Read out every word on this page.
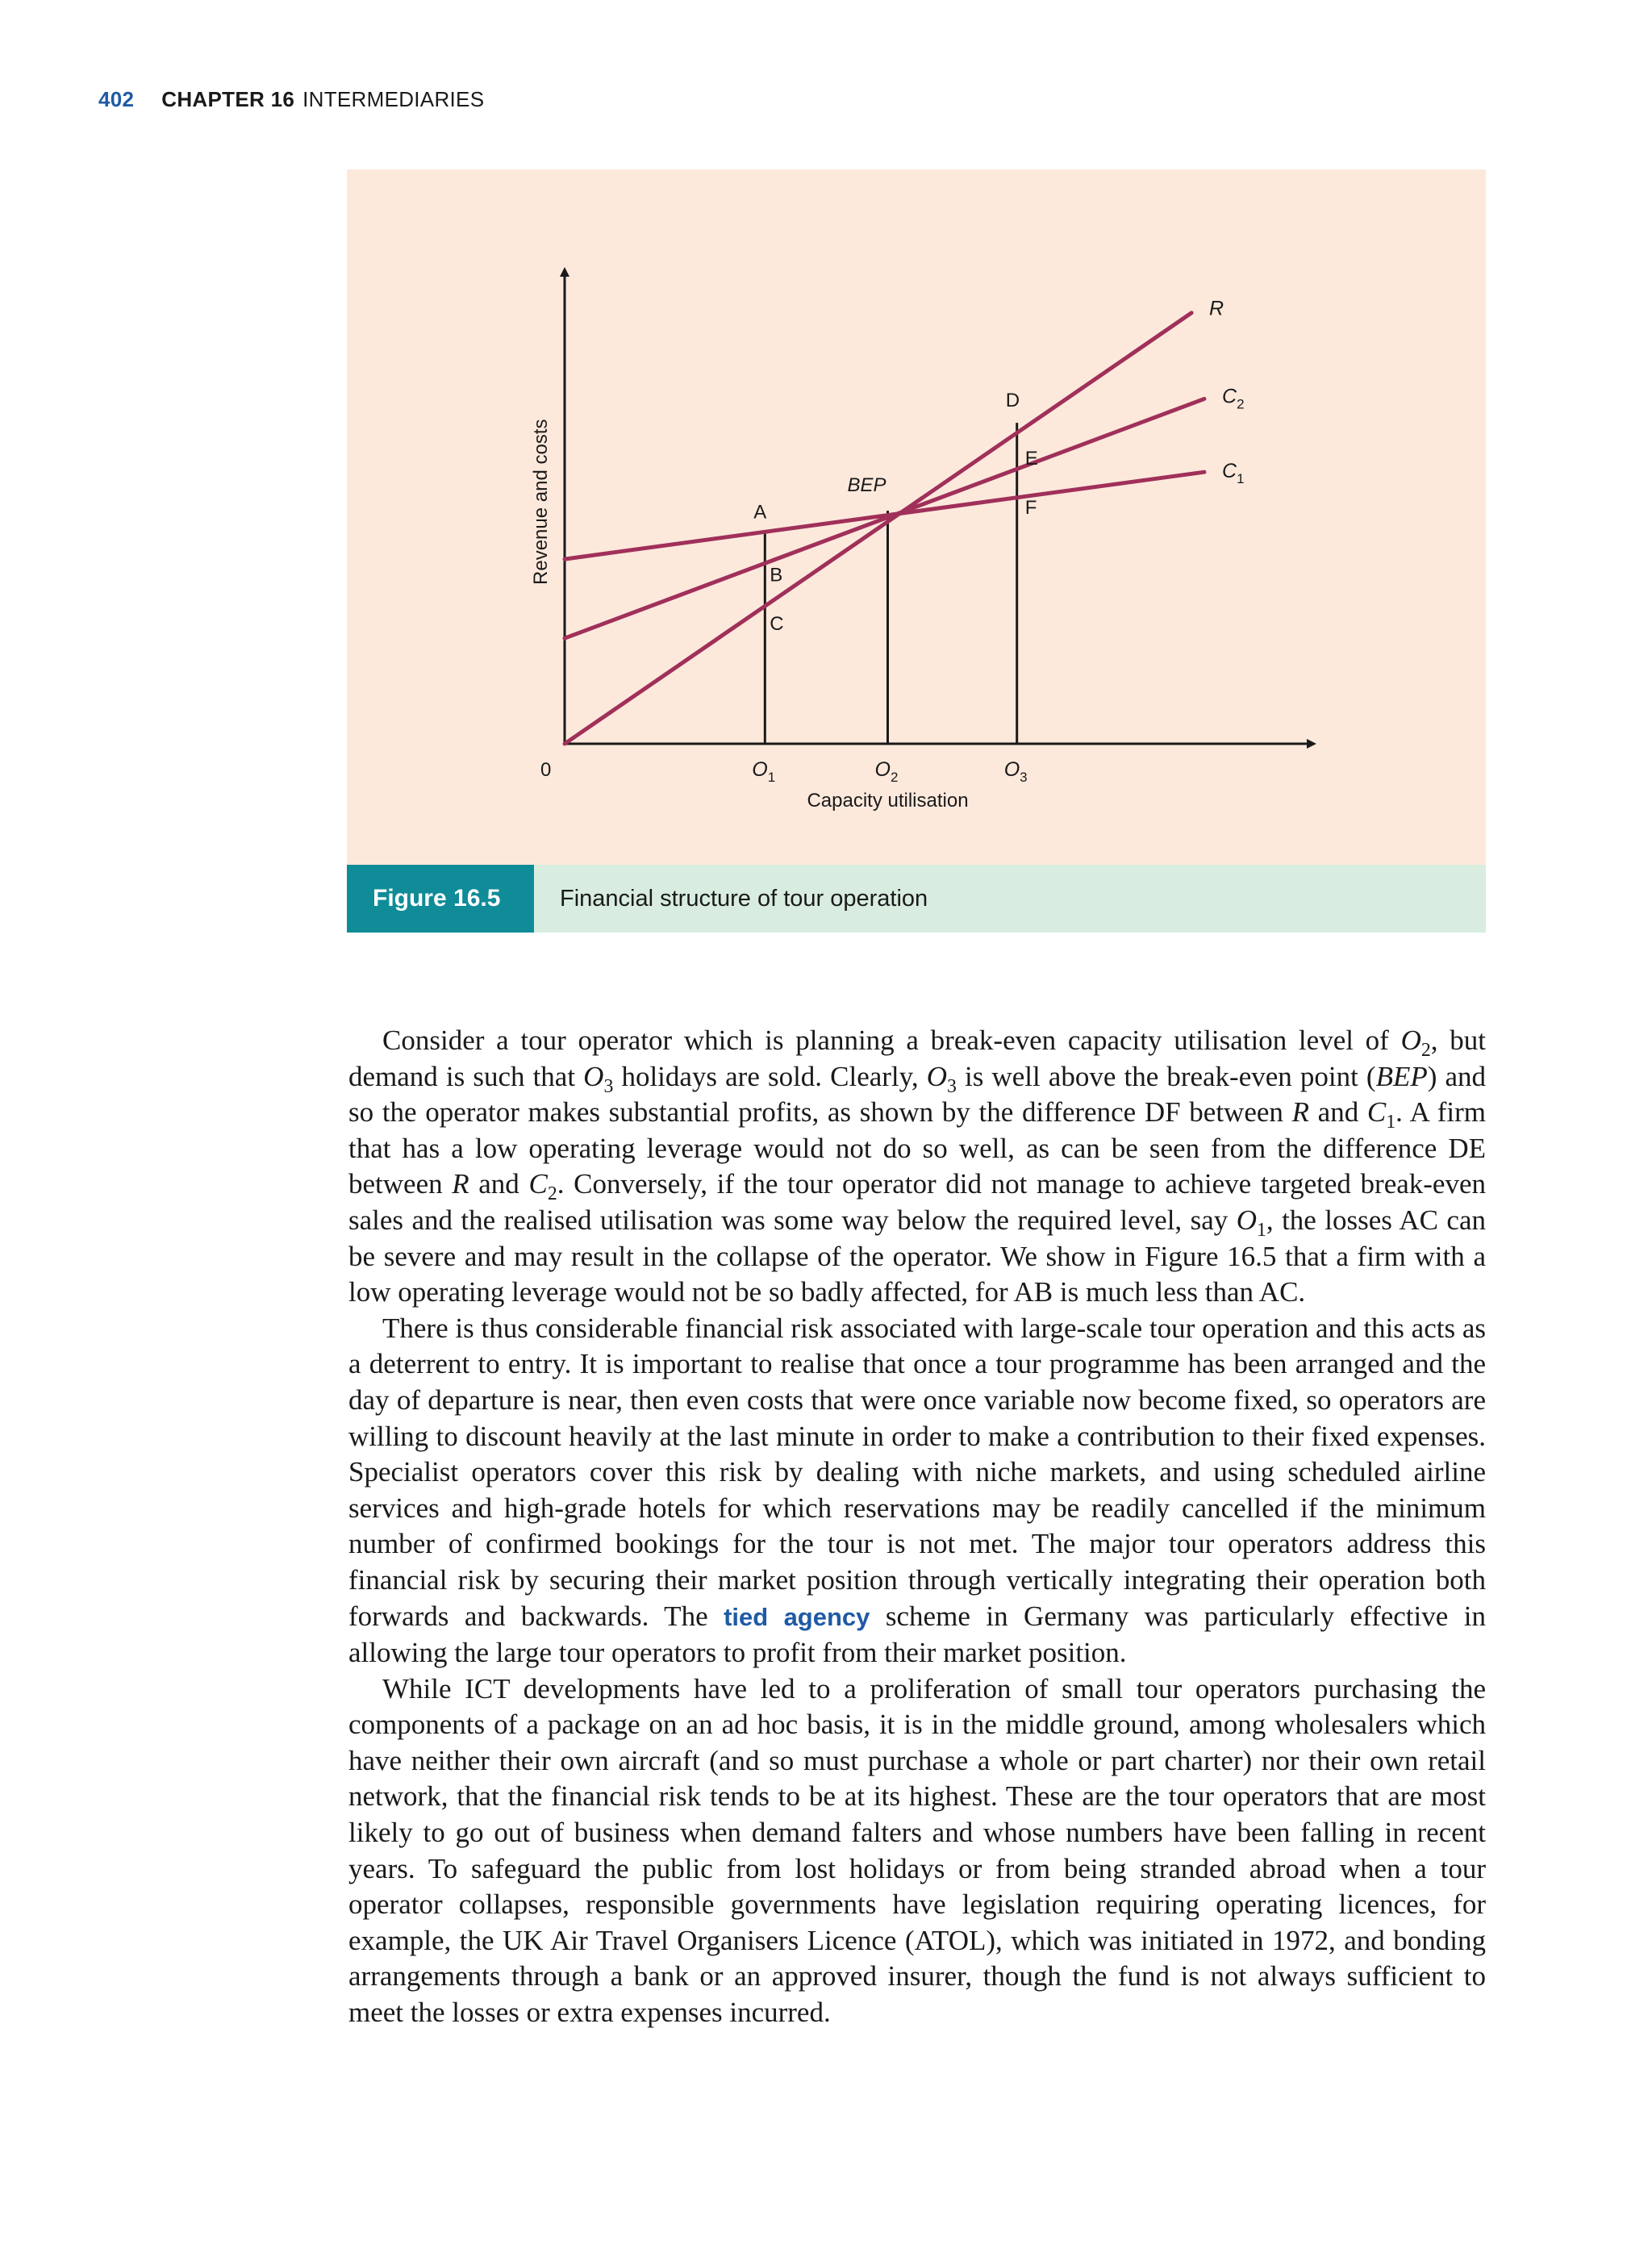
402 CHAPTER 16 INTERMEDIARIES
R
$C_2$
$C_1$
A
B
C
BEP
D
E
F
$O_1$	$O_2$	$O_3$
0
Capacity utilisation
Revenue and costs
Figure 16.5	Financial structure of tour operation

Consider a tour operator which is planning a break-even capacity utilisation level of $O_2$, but demand is such that $O_3$ holidays are sold. Clearly, $O_3$ is well above the break-even point (BEP) and so the operator makes substantial profits, as shown by the difference DF between R and $C_1$. A firm that has a low operating leverage would not do so well, as can be seen from the difference DE between R and $C_2$. Conversely, if the tour operator did not manage to achieve targeted break-even sales and the realised utilisation was some way below the required level, say $O_1$, the losses AC can be severe and may result in the collapse of the operator. We show in Figure 16.5 that a firm with a low operating leverage would not be so badly affected, for AB is much less than AC.

There is thus considerable financial risk associated with large-scale tour operation and this acts as a deterrent to entry. It is important to realise that once a tour programme has been arranged and the day of departure is near, then even costs that were once variable now become fixed, so operators are willing to discount heavily at the last minute in order to make a contribution to their fixed expenses. Specialist operators cover this risk by dealing with niche markets, and using scheduled airline services and high-grade hotels for which reservations may be readily cancelled if the minimum number of confirmed bookings for the tour is not met. The major tour operators address this financial risk by securing their market position through vertically integrating their operation both forwards and backwards. The tied agency scheme in Germany was particularly effective in allowing the large tour operators to profit from their market position.

While ICT developments have led to a proliferation of small tour operators purchasing the components of a package on an ad hoc basis, it is in the middle ground, among wholesalers which have neither their own aircraft (and so must purchase a whole or part charter) nor their own retail network, that the financial risk tends to be at its highest. These are the tour operators that are most likely to go out of business when demand falters and whose numbers have been falling in recent years. To safeguard the public from lost holidays or from being stranded abroad when a tour operator collapses, responsible governments have legislation requiring operating licences, for example, the UK Air Travel Organisers Licence (ATOL), which was initiated in 1972, and bonding arrangements through a bank or an approved insurer, though the fund is not always sufficient to meet the losses or extra expenses incurred.
